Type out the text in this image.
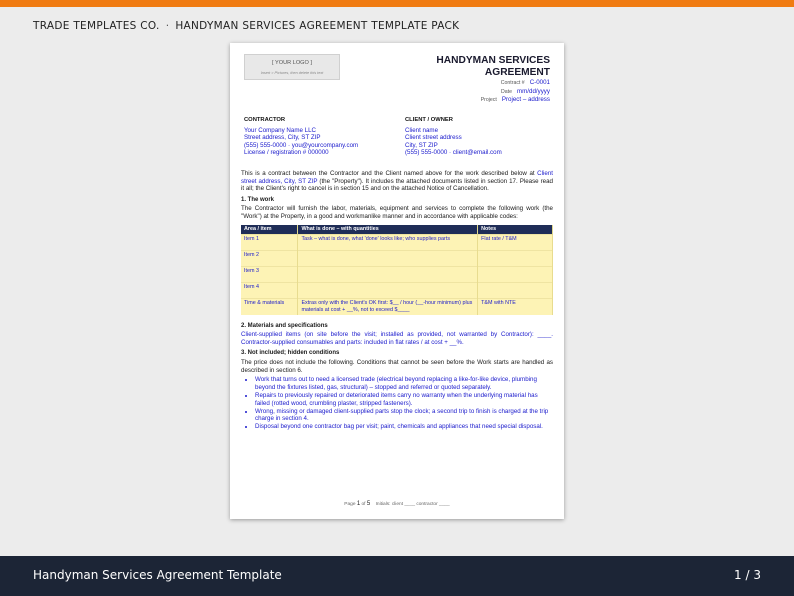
TRADE TEMPLATES CO. · HANDYMAN SERVICES AGREEMENT TEMPLATE PACK
[ YOUR LOGO ]
Insert > Pictures, then delete this text
HANDYMAN SERVICES
AGREEMENT
Contract # C-0001
Date mm/dd/yyyy
Project Project – address
CONTRACTOR
Your Company Name LLC
Street address, City, ST ZIP
(555) 555-0000 · you@yourcompany.com
License / registration # 000000
CLIENT / OWNER
Client name
Client street address
City, ST ZIP
(555) 555-0000 · client@email.com
This is a contract between the Contractor and the Client named above for the work described below at Client street address, City, ST ZIP (the "Property"). It includes the attached documents listed in section 17. Please read it all; the Client's right to cancel is in section 15 and on the attached Notice of Cancellation.
1. The work
The Contractor will furnish the labor, materials, equipment and services to complete the following work (the "Work") at the Property, in a good and workmanlike manner and in accordance with applicable codes:
Area / item	What is done – with quantities	Notes
Item 1	Task – what is done, what 'done' looks like; who supplies parts	Flat rate / T&M
Item 2		
Item 3		
Item 4		
Time & materials	Extras only with the Client's OK first: $__ / hour (__-hour minimum) plus materials at cost + __%, not to exceed $____	T&M with NTE
2. Materials and specifications
Client-supplied items (on site before the visit; installed as provided, not warranted by Contractor): ____. Contractor-supplied consumables and parts: included in flat rates / at cost + __%.
3. Not included; hidden conditions
The price does not include the following. Conditions that cannot be seen before the Work starts are handled as described in section 6.
• Work that turns out to need a licensed trade (electrical beyond replacing a like-for-like device, plumbing beyond the fixtures listed, gas, structural) – stopped and referred or quoted separately.
• Repairs to previously repaired or deteriorated items carry no warranty when the underlying material has failed (rotted wood, crumbling plaster, stripped fasteners).
• Wrong, missing or damaged client-supplied parts stop the clock; a second trip to finish is charged at the trip charge in section 4.
• Disposal beyond one contractor bag per visit; paint, chemicals and appliances that need special disposal.
Page 1 of 5 Initials: client ____ contractor ____
Handyman Services Agreement Template	1 / 3
